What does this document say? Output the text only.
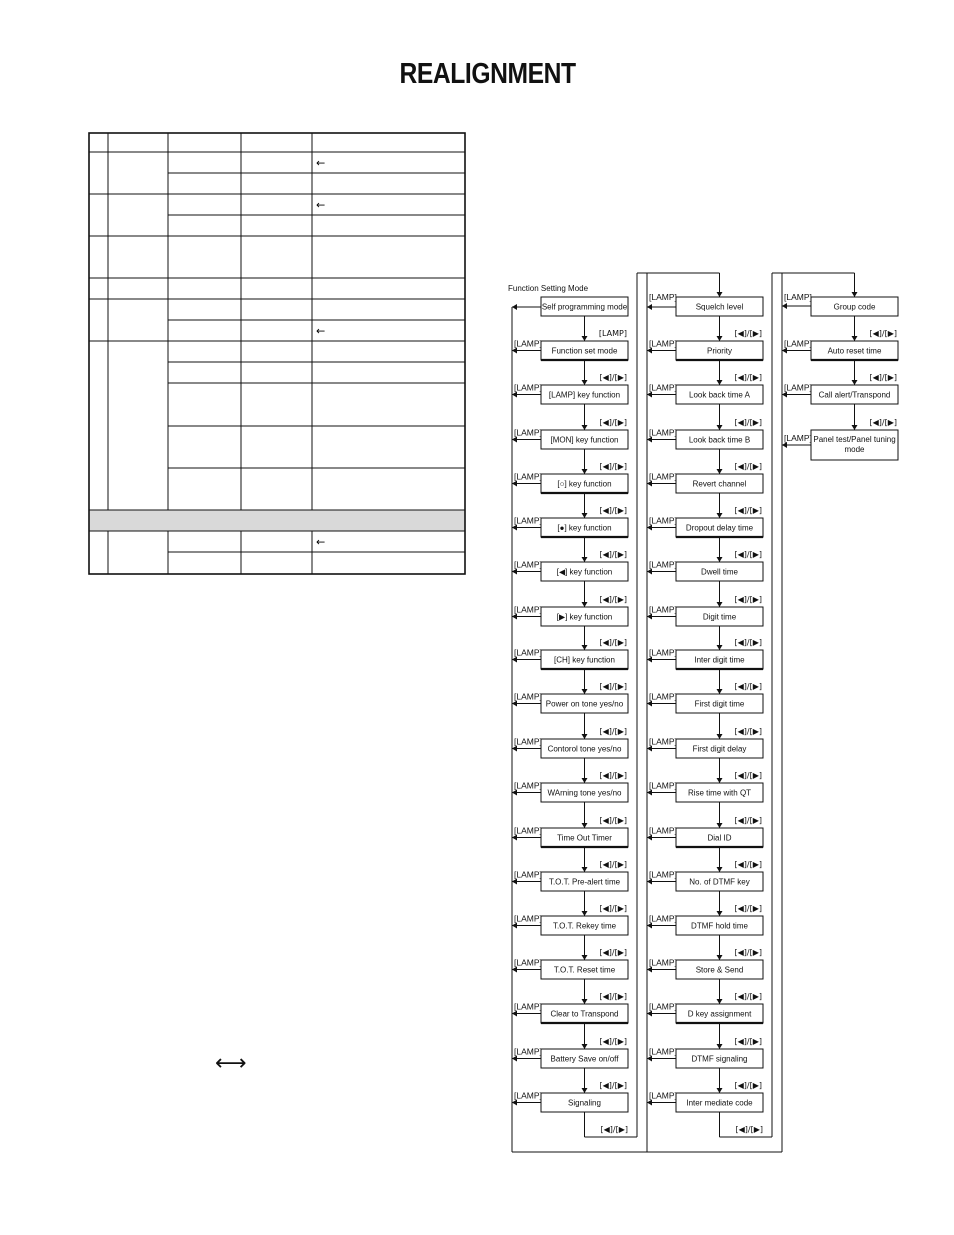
REALIGNMENT
←
←
←
←
⟷
Function Setting Mode
Self programming mode
[LAMP]
Function set mode
[LAMP]
[◀]/[▶]
[LAMP] key function
[LAMP]
[◀]/[▶]
[MON] key function
[LAMP]
[◀]/[▶]
[○] key function
[LAMP]
[◀]/[▶]
[●] key function
[LAMP]
[◀]/[▶]
[◀] key function
[LAMP]
[◀]/[▶]
[▶] key function
[LAMP]
[◀]/[▶]
[CH] key function
[LAMP]
[◀]/[▶]
Power on tone yes/no
[LAMP]
[◀]/[▶]
Contorol tone yes/no
[LAMP]
[◀]/[▶]
WArning tone yes/no
[LAMP]
[◀]/[▶]
Time Out Timer
[LAMP]
[◀]/[▶]
T.O.T. Pre-alert time
[LAMP]
[◀]/[▶]
T.O.T. Rekey time
[LAMP]
[◀]/[▶]
T.O.T. Reset time
[LAMP]
[◀]/[▶]
Clear to Transpond
[LAMP]
[◀]/[▶]
Battery Save on/off
[LAMP]
[◀]/[▶]
Signaling
[LAMP]
Squelch level
[◀]/[▶]
Priority
[LAMP]
[◀]/[▶]
Look back time A
[LAMP]
[◀]/[▶]
Look back time B
[LAMP]
[◀]/[▶]
Revert channel
[LAMP]
[◀]/[▶]
Dropout delay time
[LAMP]
[◀]/[▶]
Dwell time
[LAMP]
[◀]/[▶]
Digit time
[LAMP]
[◀]/[▶]
Inter digit time
[LAMP]
[◀]/[▶]
First digit time
[LAMP]
[◀]/[▶]
First digit delay
[LAMP]
[◀]/[▶]
Rise time with QT
[LAMP]
[◀]/[▶]
Dial ID
[LAMP]
[◀]/[▶]
No. of DTMF key
[LAMP]
[◀]/[▶]
DTMF hold time
[LAMP]
[◀]/[▶]
Store & Send
[LAMP]
[◀]/[▶]
D key assignment
[LAMP]
[◀]/[▶]
DTMF signaling
[LAMP]
[◀]/[▶]
Inter mediate code
[LAMP]
Group code
[◀]/[▶]
Auto reset time
[LAMP]
[◀]/[▶]
Call alert/Transpond
[LAMP]
[◀]/[▶]
Panel test/Panel tuning mode
[LAMP]
[◀]/[▶]	[◀]/[▶]
[LAMP]	[LAMP]
